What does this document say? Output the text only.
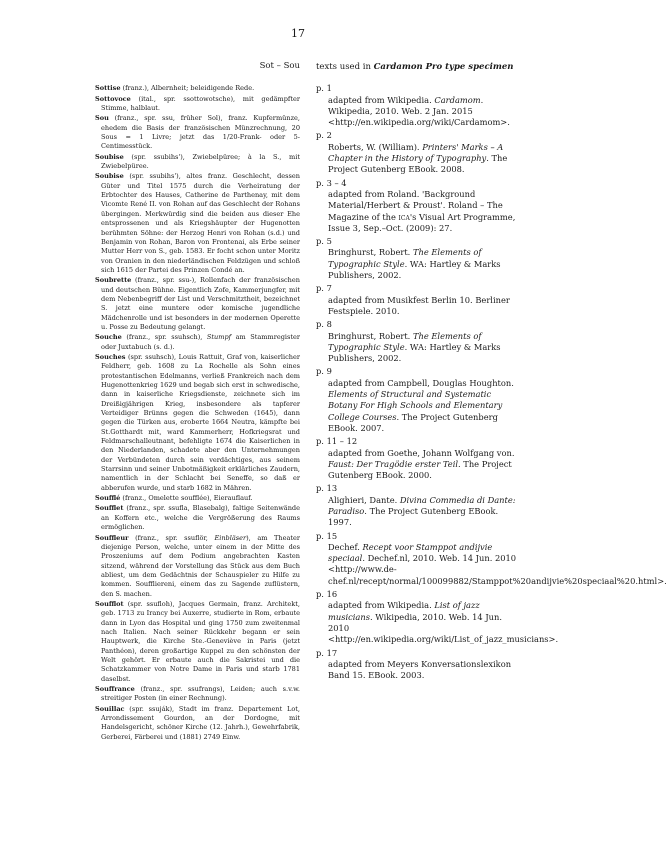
17
Sot – Sou

Sottise (franz.), Albernheit; beleidigende Rede.

Sottovoce (ital., spr. ssottowotsche), mit gedämpfter Stimme, halblaut.

Sou (franz., spr. ssu, früher Sol), franz. Kupfermünze, ehedem die Basis der französischen Münzrechnung, 20 Sous = 1 Livre; jetzt das 1/20-Frank- oder 5-Centimesstück.

Soubise (spr. ssubihs'), Zwiebelpüree; à la S., mit Zwiebelpüree.

Soubise (spr. ssubihs'), altes franz. Geschlecht, dessen Güter und Titel 1575 durch die Verheiratung der Erbtochter des Hauses, Catherine de Parthenay, mit dem Vicomte René II. von Rohan auf das Geschlecht der Rohans übergingen. Merkwürdig sind die beiden aus dieser Ehe entsprossenen und als Kriegshäupter der Hugenotten berühmten Söhne: der Herzog Henri von Rohan (s.d.) und Benjamin von Rohan, Baron von Frontenai, als Erbe seiner Mutter Herr von S., geb. 1583. Er focht schon unter Moritz von Oranien in den niederländischen Feldzügen und schloß sich 1615 der Partei des Prinzen Condé an.

Soubrette (franz., spr. ssu-), Rollenfach der französischen und deutschen Bühne. Eigentlich Zofe, Kammerjungfer, mit dem Nebenbegriff der List und Verschmitztheit, bezeichnet S. jetzt eine muntere oder komische jugendliche Mädchenrolle und ist besonders in der modernen Operette u. Posse zu Bedeutung gelangt.

Souche (franz., spr. ssuhsch), Stumpf am Stammregister oder Juxtabuch (s. d.).

Souches (spr. ssuhsch), Louis Rattuit, Graf von, kaiserlicher Feldherr, geb. 1608 zu La Rochelle als Sohn eines protestantischen Edelmanns, verließ Frankreich nach dem Hugenottenkrieg 1629 und begab sich erst in schwedische, dann in kaiserliche Kriegsdienste, zeichnete sich im Dreißigjährigen Krieg, insbesondere als tapferer Verteidiger Brünns gegen die Schweden (1645), dann gegen die Türken aus, eroberte 1664 Neutra, kämpfte bei St.Gotthardt mit, ward Kammerherr, Hofkriegsrat und Feldmarschalleutnant, befehligte 1674 die Kaiserlichen in den Niederlanden, schadete aber den Unternehmungen der Verbündeten durch sein verdächtiges, aus seinem Starrsinn und seiner Unbotmäßigkeit erklärliches Zaudern, namentlich in der Schlacht bei Seneffe, so daß er abberufen wurde, und starb 1682 in Mähren.

Soufflé (franz., Omelette soufflée), Eierauflauf.

Soufflet (franz., spr. ssufla, Blasebalg), faltige Seitenwände an Koffern etc., welche die Vergrößerung des Raums ermöglichen.

Souffleur (franz., spr. ssuflör, Einbläser), am Theater diejenige Person, welche, unter einem in der Mitte des Proszeniums auf dem Podium angebrachten Kasten sitzend, während der Vorstellung das Stück aus dem Buch abliest, um dem Gedächtnis der Schauspieler zu Hilfe zu kommen. Souffliereni, einem das zu Sagende zuflüstern, den S. machen.

Soufflot (spr. ssufloh), Jacques Germain, franz. Architekt, geb. 1713 zu Irancy bei Auxerre, studierte in Rom, erbaute dann in Lyon das Hospital und ging 1750 zum zweitenmal nach Italien. Nach seiner Rückkehr begann er sein Hauptwerk, die Kirche Ste.-Geneviève in Paris (jetzt Panthéon), deren großartige Kuppel zu den schönsten der Welt gehört. Er erbaute auch die Sakristei und die Schatzkammer von Notre Dame in Paris und starb 1781 daselbst.

Souffrance (franz., spr. ssufrangs), Leiden; auch s.v.w. streitiger Posten (in einer Rechnung).

Souillac (spr. ssuják), Stadt im franz. Departement Lot, Arrondissement Gourdon, an der Dordogne, mit Handelsgericht, schöner Kirche (12. Jahrh.), Gewehrfabrik, Gerberei, Färberei und (1881) 2749 Einw.

texts used in Cardamon Pro type specimen
p. 1
adapted from Wikipedia. Cardamom. Wikipedia, 2010. Web. 2 Jan. 2015 <http://en.wikipedia.org/wiki/Cardamom>.
p. 2
Roberts, W. (William). Printers' Marks – A Chapter in the History of Typography. The Project Gutenberg EBook. 2008.
p. 3 – 4
adapted from Roland. 'Background Material/Herbert & Proust'. Roland – The Magazine of the ica's Visual Art Programme, Issue 3, Sep.–Oct. (2009): 27.
p. 5
Bringhurst, Robert. The Elements of Typographic Style. WA: Hartley & Marks Publishers, 2002.
p. 7
adapted from Musikfest Berlin 10. Berliner Festspiele. 2010.
p. 8
Bringhurst, Robert. The Elements of Typographic Style. WA: Hartley & Marks Publishers, 2002.
p. 9
adapted from Campbell, Douglas Houghton. Elements of Structural and Systematic Botany For High Schools and Elementary College Courses. The Project Gutenberg EBook. 2007.
p. 11 – 12
adapted from Goethe, Johann Wolfgang von. Faust: Der Tragödie erster Teil. The Project Gutenberg EBook. 2000.
p. 13
Alighieri, Dante. Divina Commedia di Dante: Paradiso. The Project Gutenberg EBook. 1997.
p. 15
Dechef. Recept voor Stamppot andijvie speciaal. Dechef.nl, 2010. Web. 14 Jun. 2010 <http://www.de-chef.nl/recept/normal/100099882/Stamppot%20andijvie%20speciaal%20.html>.
p. 16
adapted from Wikipedia. List of jazz musicians. Wikipedia, 2010. Web. 14 Jun. 2010 <http://en.wikipedia.org/wiki/List_of_jazz_musicians>.
p. 17
adapted from Meyers Konversationslexikon Band 15. EBook. 2003.
